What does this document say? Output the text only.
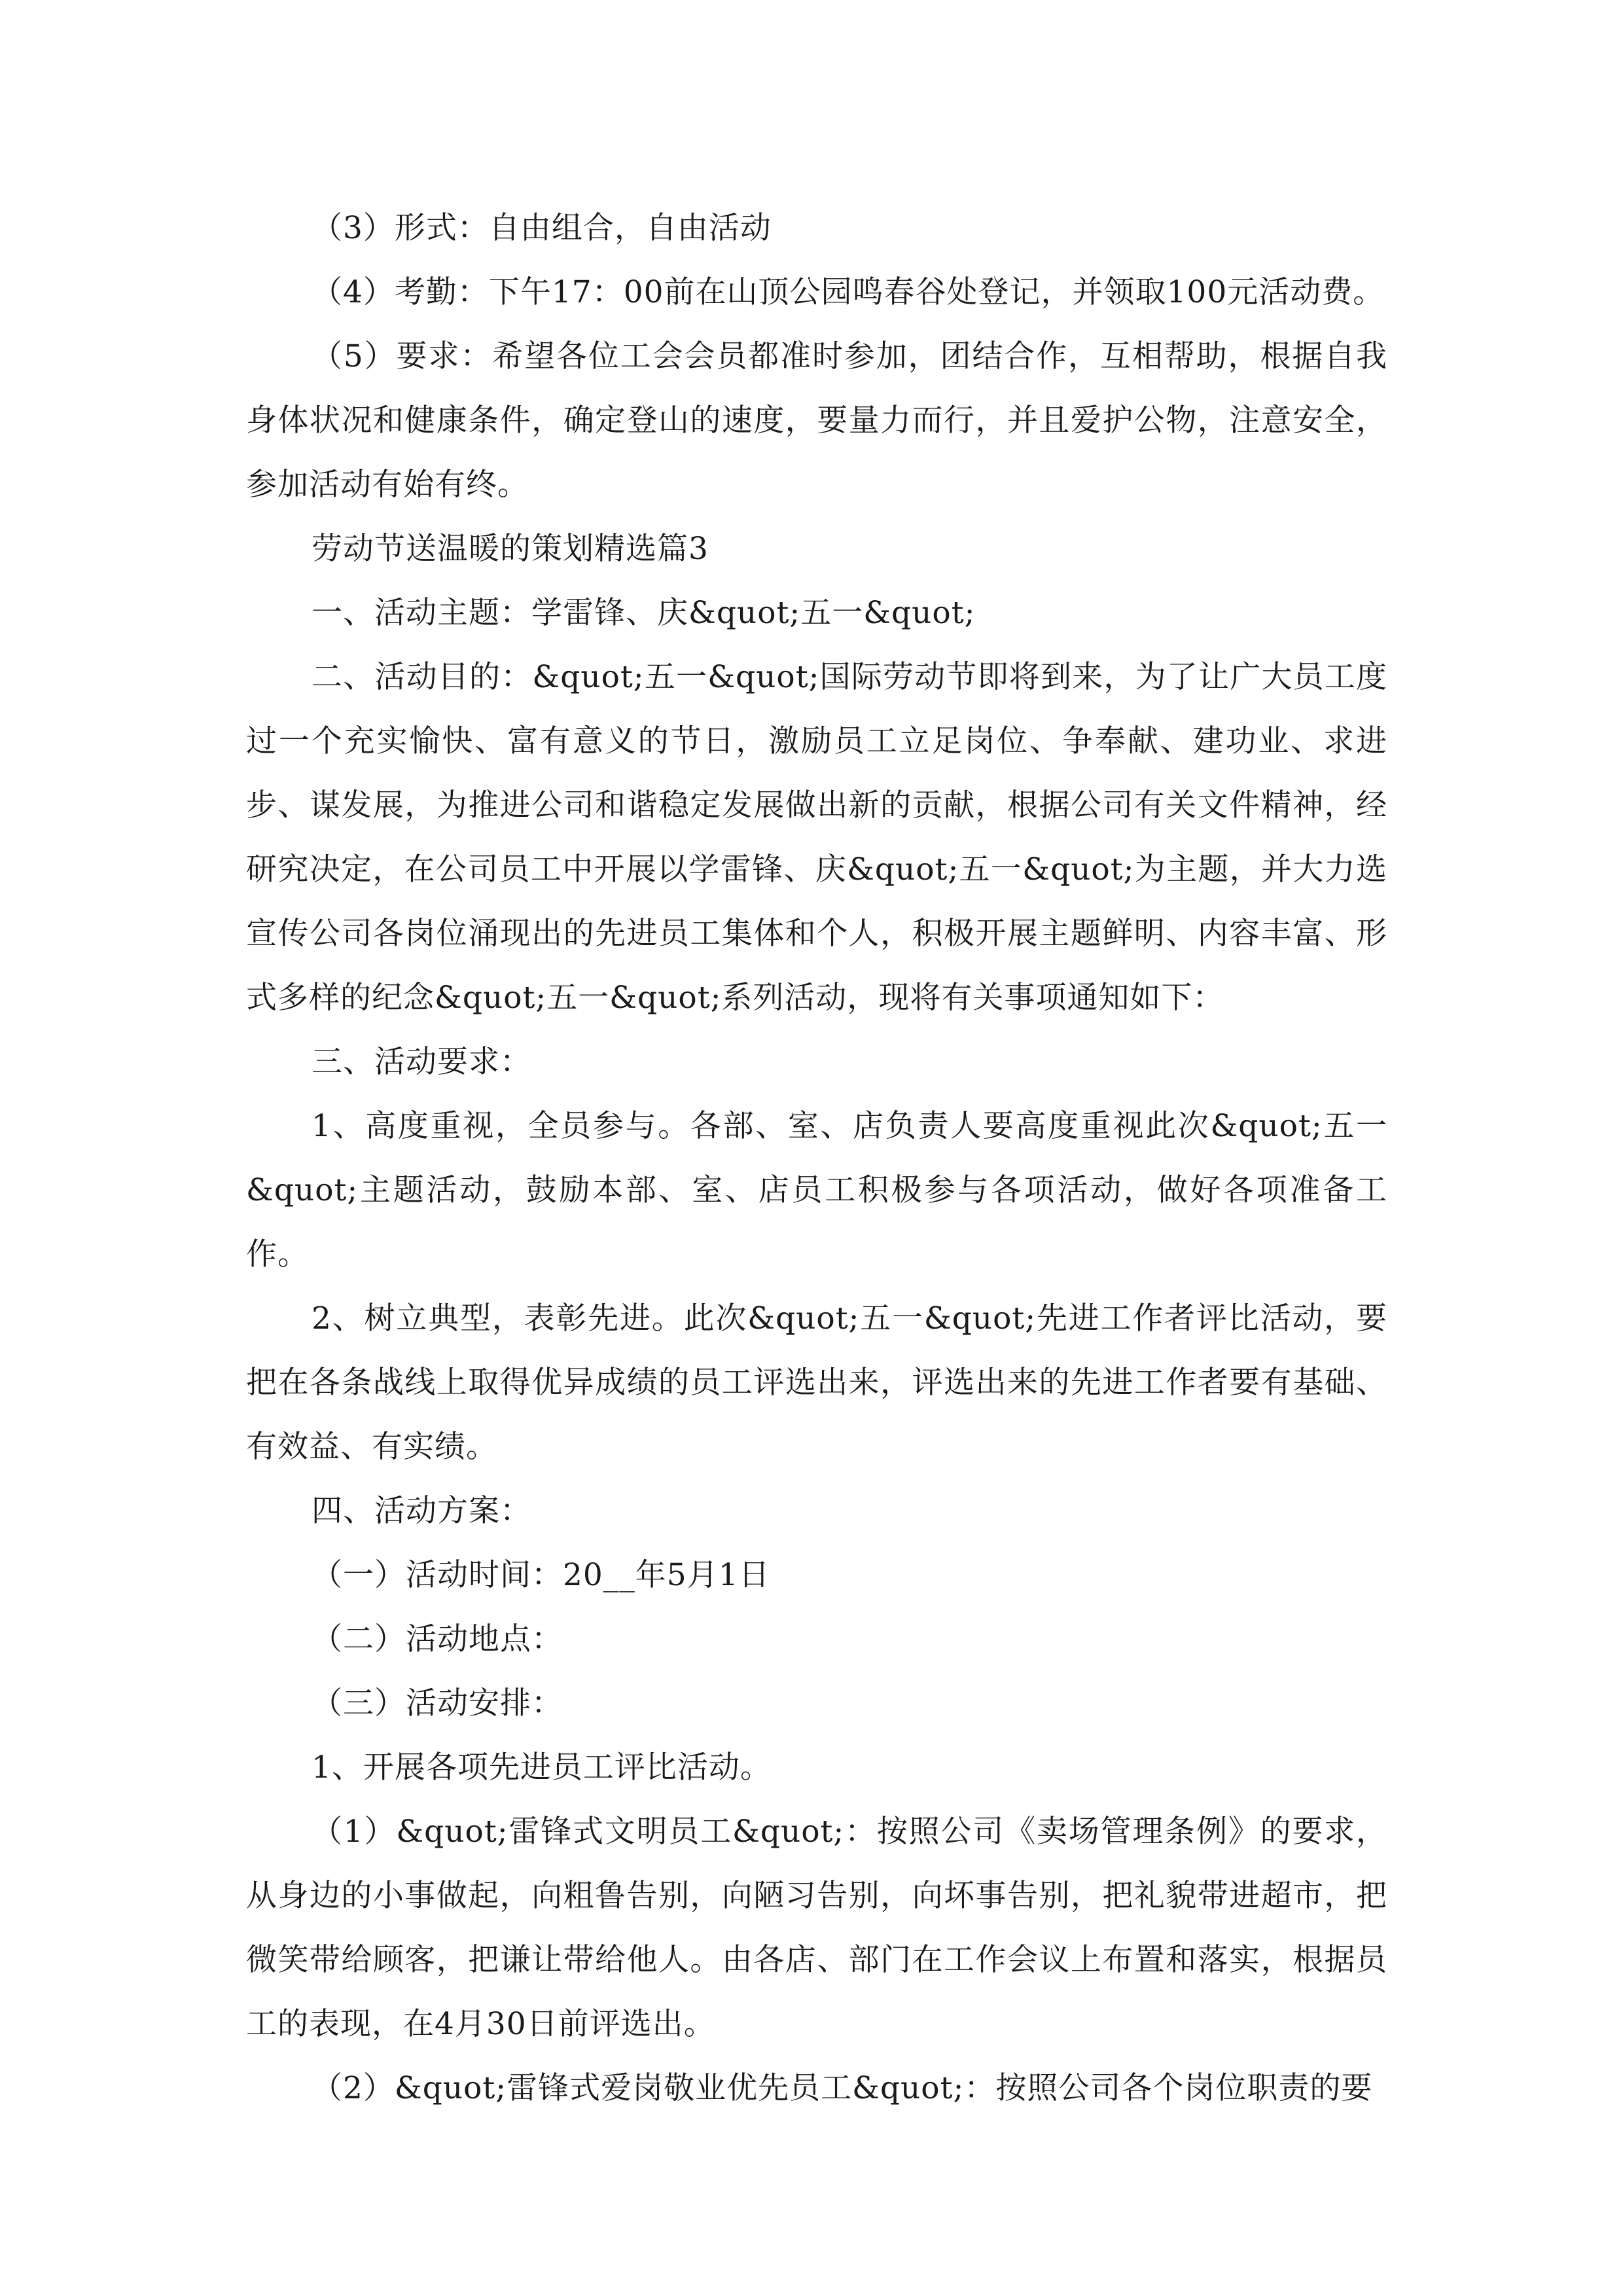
（3）形式：自由组合，自由活动

（4）考勤：下午17：00前在山顶公园鸣春谷处登记，并领取100元活动费。

（5）要求：希望各位工会会员都准时参加，团结合作，互相帮助，根据自我身体状况和健康条件，确定登山的速度，要量力而行，并且爱护公物，注意安全，参加活动有始有终。

劳动节送温暖的策划精选篇3

一、活动主题：学雷锋、庆&quot;五一&quot;

二、活动目的：&quot;五一&quot;国际劳动节即将到来，为了让广大员工度过一个充实愉快、富有意义的节日，激励员工立足岗位、争奉献、建功业、求进步、谋发展，为推进公司和谐稳定发展做出新的贡献，根据公司有关文件精神，经研究决定，在公司员工中开展以学雷锋、庆&quot;五一&quot;为主题，并大力选宣传公司各岗位涌现出的先进员工集体和个人，积极开展主题鲜明、内容丰富、形式多样的纪念&quot;五一&quot;系列活动，现将有关事项通知如下：

三、活动要求：

1、高度重视，全员参与。各部、室、店负责人要高度重视此次&quot;五一&quot;主题活动，鼓励本部、室、店员工积极参与各项活动，做好各项准备工作。

2、树立典型，表彰先进。此次&quot;五一&quot;先进工作者评比活动，要把在各条战线上取得优异成绩的员工评选出来，评选出来的先进工作者要有基础、有效益、有实绩。

四、活动方案：

（一）活动时间：20__年5月1日

（二）活动地点：

（三）活动安排：

1、开展各项先进员工评比活动。

（1）&quot;雷锋式文明员工&quot;：按照公司《卖场管理条例》的要求，从身边的小事做起，向粗鲁告别，向陋习告别，向坏事告别，把礼貌带进超市，把微笑带给顾客，把谦让带给他人。由各店、部门在工作会议上布置和落实，根据员工的表现，在4月30日前评选出。

（2）&quot;雷锋式爱岗敬业优先员工&quot;：按照公司各个岗位职责的要
